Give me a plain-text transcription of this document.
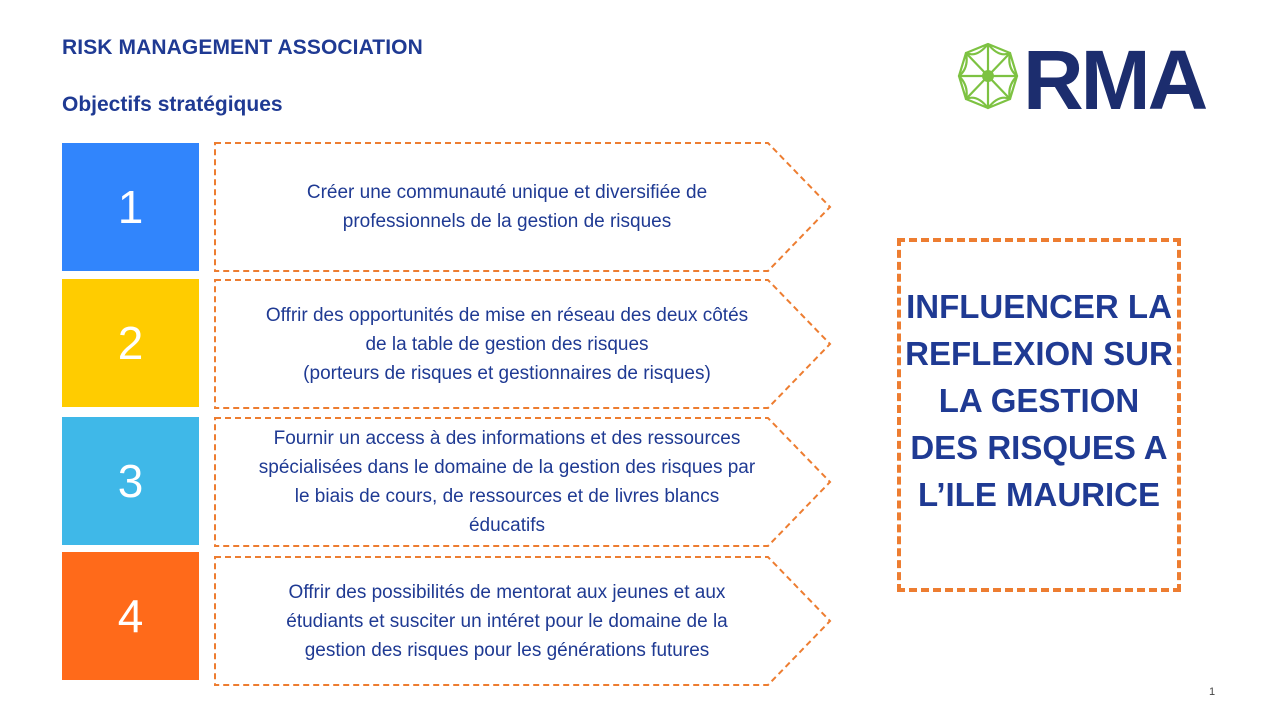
RISK MANAGEMENT ASSOCIATION
Objectifs stratégiques	RMA
1
2
3
4
Créer une communauté unique et diversifiée de
professionnels de la gestion de risques
Offrir des opportunités de mise en réseau des deux côtés
de la table de gestion des risques
(porteurs de risques et gestionnaires de risques)
Fournir un access à des informations et des ressources
spécialisées dans le domaine de la gestion des risques par
le biais de cours, de ressources et de livres blancs
éducatifs
Offrir des possibilités de mentorat aux jeunes et aux
étudiants et susciter un intéret pour le domaine de la
gestion des risques pour les générations futures
INFLUENCER LA
REFLEXION SUR
LA GESTION
DES RISQUES A
L’ILE MAURICE
1
